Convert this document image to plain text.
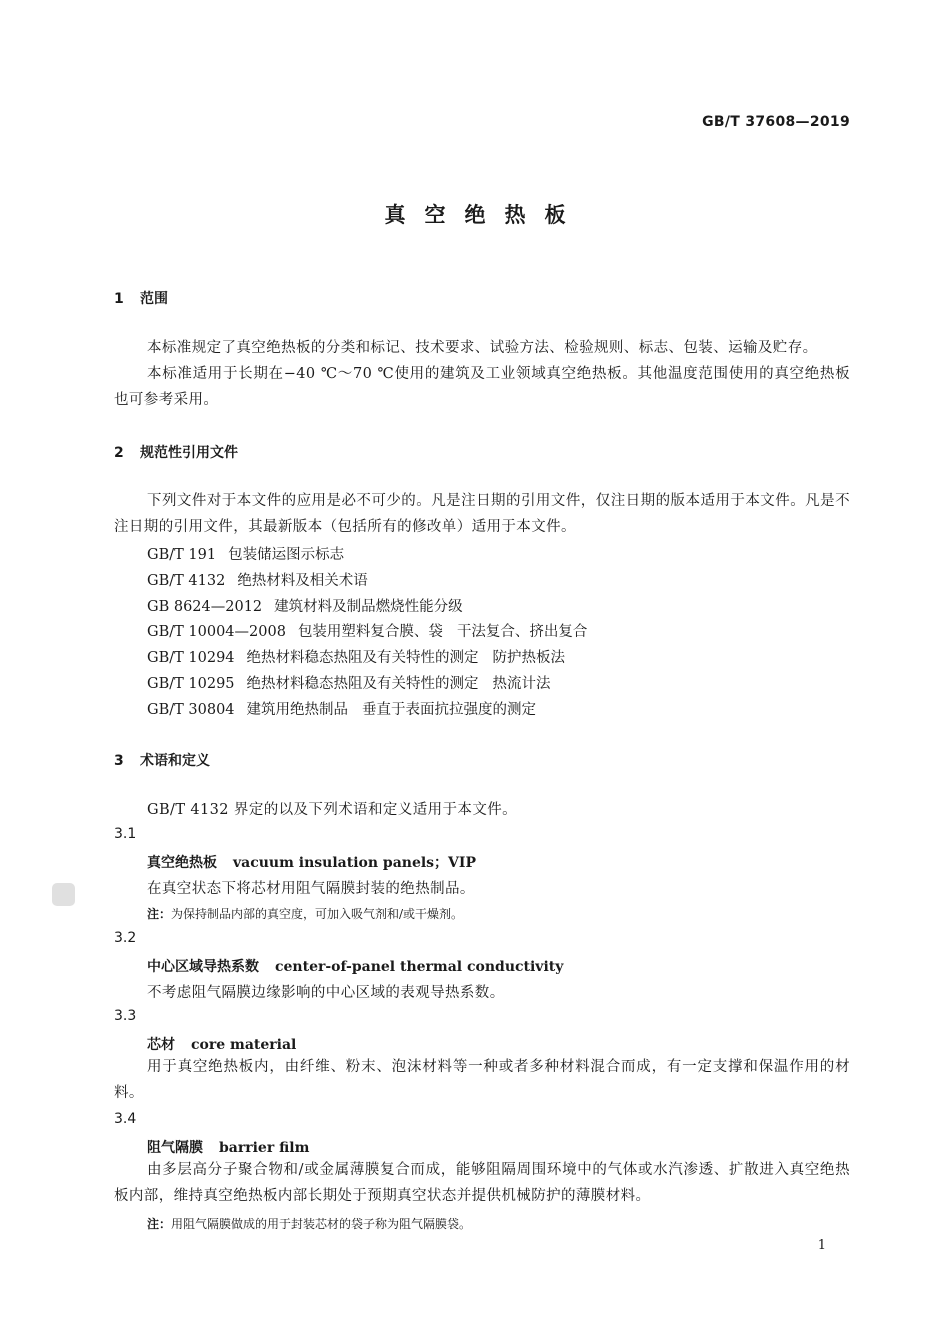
GB/T 37608—2019
真空绝热板
1 范围
本标准规定了真空绝热板的分类和标记、技术要求、试验方法、检验规则、标志、包装、运输及贮存。
本标准适用于长期在−40 ℃～70 ℃使用的建筑及工业领域真空绝热板。其他温度范围使用的真空绝热板也可参考采用。
2 规范性引用文件
下列文件对于本文件的应用是必不可少的。凡是注日期的引用文件，仅注日期的版本适用于本文件。凡是不注日期的引用文件，其最新版本（包括所有的修改单）适用于本文件。
GB/T 191 包装储运图示标志
GB/T 4132 绝热材料及相关术语
GB 8624—2012 建筑材料及制品燃烧性能分级
GB/T 10004—2008 包装用塑料复合膜、袋 干法复合、挤出复合
GB/T 10294 绝热材料稳态热阻及有关特性的测定 防护热板法
GB/T 10295 绝热材料稳态热阻及有关特性的测定 热流计法
GB/T 30804 建筑用绝热制品 垂直于表面抗拉强度的测定
3 术语和定义
GB/T 4132 界定的以及下列术语和定义适用于本文件。
3.1
真空绝热板 vacuum insulation panels；VIP
在真空状态下将芯材用阻气隔膜封装的绝热制品。
注：为保持制品内部的真空度，可加入吸气剂和/或干燥剂。
3.2
中心区域导热系数 center-of-panel thermal conductivity
不考虑阻气隔膜边缘影响的中心区域的表观导热系数。
3.3
芯材 core material
用于真空绝热板内，由纤维、粉末、泡沫材料等一种或者多种材料混合而成，有一定支撑和保温作用的材料。
3.4
阻气隔膜 barrier film
由多层高分子聚合物和/或金属薄膜复合而成，能够阻隔周围环境中的气体或水汽渗透、扩散进入真空绝热板内部，维持真空绝热板内部长期处于预期真空状态并提供机械防护的薄膜材料。
注：用阻气隔膜做成的用于封装芯材的袋子称为阻气隔膜袋。
1
